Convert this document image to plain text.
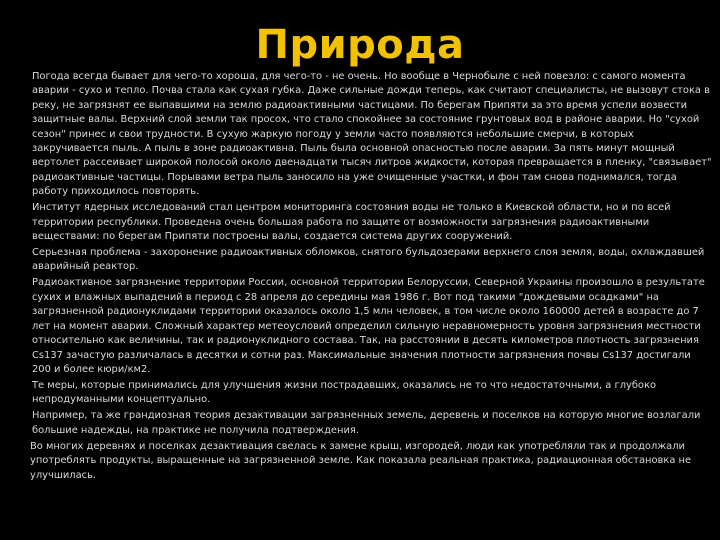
Природа

Погода всегда бывает для чего-то хороша, для чего-то - не очень. Но вообще в Чернобыле с ней повезло: с самого момента аварии - сухо и тепло. Почва стала как сухая губка. Даже сильные дожди теперь, как считают специалисты, не вызовут стока в реку, не загрязнят ее выпавшими на землю радиоактивными частицами. По берегам Припяти за это время успели возвести защитные валы. Верхний слой земли так просох, что стало спокойнее за состояние грунтовых вод в районе аварии. Но "сухой сезон" принес и свои трудности. В сухую жаркую погоду у земли часто появляются небольшие смерчи, в которых закручивается пыль. А пыль в зоне радиоактивна. Пыль была основной опасностью после аварии. За пять минут мощный вертолет рассеивает широкой полосой около двенадцати тысяч литров жидкости, которая превращается в пленку, "связывает" радиоактивные частицы. Порывами ветра пыль заносило на уже очищенные участки, и фон там снова поднимался, тогда работу приходилось повторять.

Институт ядерных исследований стал центром мониторинга состояния воды не только в Киевской области, но и по всей территории республики. Проведена очень большая работа по защите от возможности загрязнения радиоактивными веществами: по берегам Припяти построены валы, создается система других сооружений.

Серьезная проблема - захоронение радиоактивных обломков, снятого бульдозерами верхнего слоя земля, воды, охлаждавшей аварийный реактор.

Радиоактивное загрязнение территории России, основной территории Белоруссии, Северной Украины произошло в результате сухих и влажных выпадений в период с 28 апреля до середины мая 1986 г. Вот под такими "дождевыми осадками" на загрязненной радионуклидами территории оказалось около 1,5 млн человек, в том числе около 160000 детей в возрасте до 7 лет на момент аварии. Сложный характер метеоусловий определил сильную неравномерность уровня загрязнения местности относительно как величины, так и радионуклидного состава. Так, на расстоянии в десять километров плотность загрязнения Cs137 зачастую различалась в десятки и сотни раз. Максимальные значения плотности загрязнения почвы Cs137 достигали 200 и более кюри/км2.

Те меры, которые принимались для улучшения жизни пострадавших, оказались не то что недостаточными, а глубоко непродуманными концептуально.

Например, та же грандиозная теория дезактивации загрязненных земель, деревень и поселков на которую многие возлагали большие надежды, на практике не получила подтверждения.

Во многих деревнях и поселках дезактивация свелась к замене крыш, изгородей, люди как употребляли так и продолжали употреблять продукты, выращенные на загрязненной земле. Как показала реальная практика, радиационная обстановка не улучшилась.
